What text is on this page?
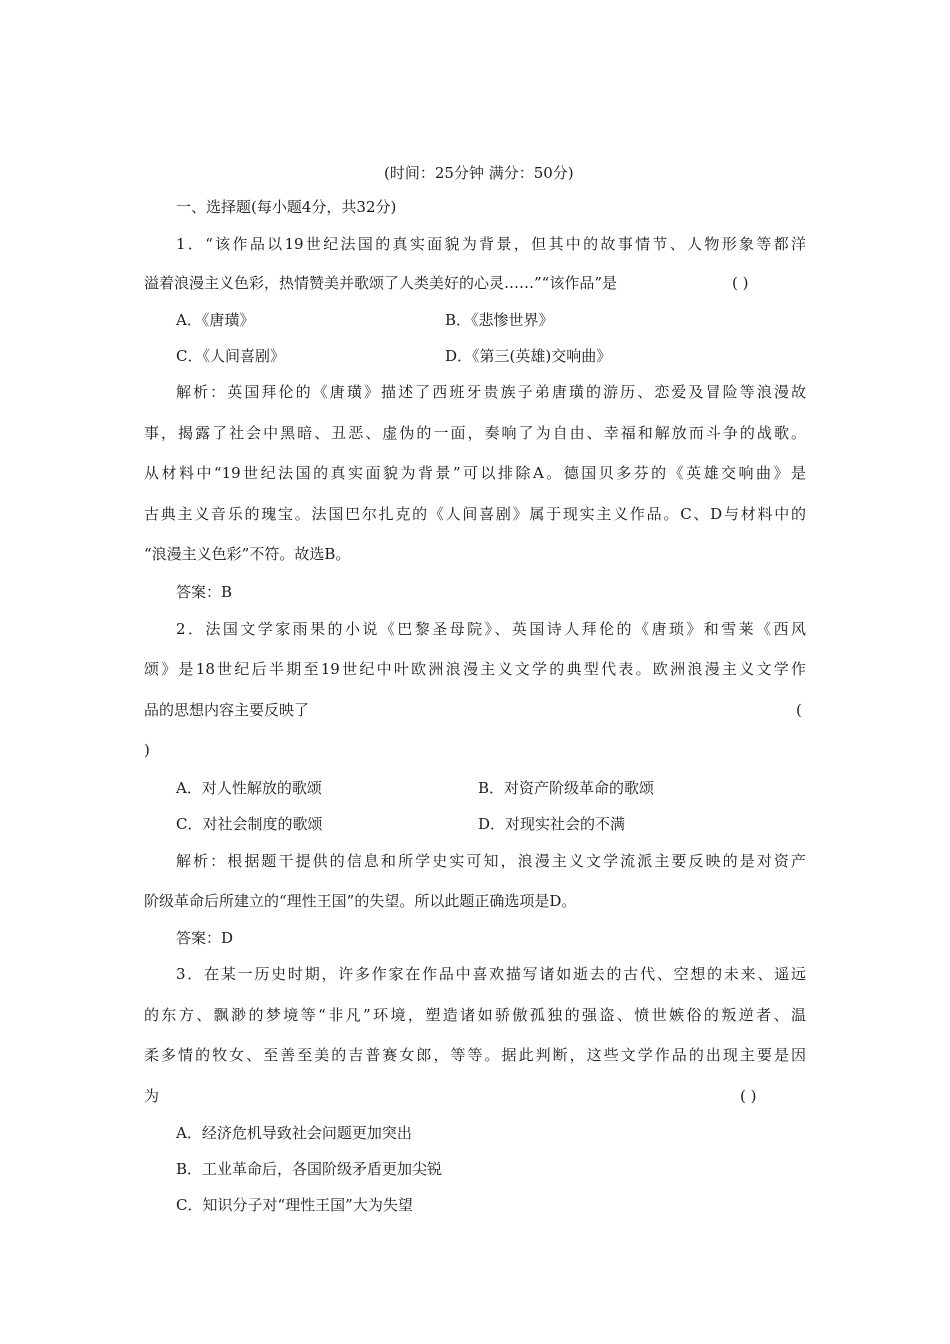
(时间：25分钟 满分：50分)
一、选择题(每小题4分，共32分)
1．“该作品以19世纪法国的真实面貌为背景，但其中的故事情节、人物形象等都洋
溢着浪漫主义色彩，热情赞美并歌颂了人类美好的心灵……”“该作品”是	( )
A．《唐璜》	B．《悲惨世界》
C．《人间喜剧》	D．《第三(英雄)交响曲》
解析：英国拜伦的《唐璜》描述了西班牙贵族子弟唐璜的游历、恋爱及冒险等浪漫故
事，揭露了社会中黑暗、丑恶、虚伪的一面，奏响了为自由、幸福和解放而斗争的战歌。
从材料中“19世纪法国的真实面貌为背景”可以排除A。德国贝多芬的《英雄交响曲》是
古典主义音乐的瑰宝。法国巴尔扎克的《人间喜剧》属于现实主义作品。C、D与材料中的
“浪漫主义色彩”不符。故选B。
答案：B
2．法国文学家雨果的小说《巴黎圣母院》、英国诗人拜伦的《唐琐》和雪莱《西风
颂》是18世纪后半期至19世纪中叶欧洲浪漫主义文学的典型代表。欧洲浪漫主义文学作
品的思想内容主要反映了	(
)
A．对人性解放的歌颂	B．对资产阶级革命的歌颂
C．对社会制度的歌颂	D．对现实社会的不满
解析：根据题干提供的信息和所学史实可知，浪漫主义文学流派主要反映的是对资产
阶级革命后所建立的“理性王国”的失望。所以此题正确选项是D。
答案：D
3．在某一历史时期，许多作家在作品中喜欢描写诸如逝去的古代、空想的未来、遥远
的东方、飘渺的梦境等“非凡”环境，塑造诸如骄傲孤独的强盗、愤世嫉俗的叛逆者、温
柔多情的牧女、至善至美的吉普赛女郎，等等。据此判断，这些文学作品的出现主要是因
为	( )
A．经济危机导致社会问题更加突出
B．工业革命后，各国阶级矛盾更加尖锐
C．知识分子对“理性王国”大为失望
